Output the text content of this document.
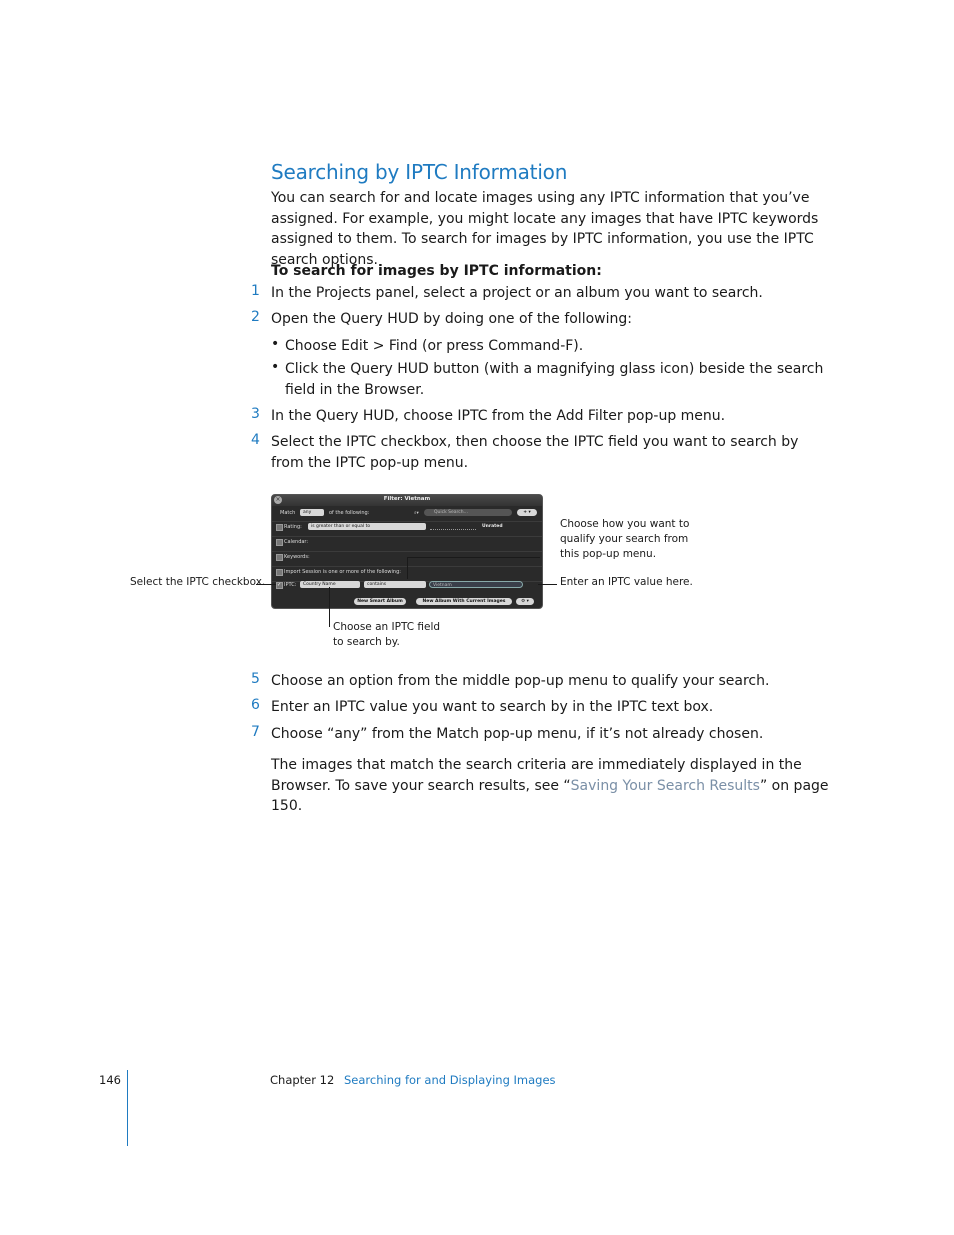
Searching by IPTC Information

You can search for and locate images using any IPTC information that you’ve assigned. For example, you might locate any images that have IPTC keywords assigned to them. To search for images by IPTC information, you use the IPTC search options.

To search for images by IPTC information:

1 In the Projects panel, select a project or an album you want to search.
2 Open the Query HUD by doing one of the following:
• Choose Edit > Find (or press Command-F).
• Click the Query HUD button (with a magnifying glass icon) beside the search field in the Browser.
3 In the Query HUD, choose IPTC from the Add Filter pop-up menu.
4 Select the IPTC checkbox, then choose the IPTC field you want to search by from the IPTC pop-up menu.
×	Filter: Vietnam
Match	any	of the following:	⌕▾	Quick Search...	+ ▾
Rating:	is greater than or equal to	Unrated
Calendar:
Keywords:
Import Session is one or more of the following:
✓ IPTC:	Country Name	contains	Vietnam
New Smart Album	New Album With Current Images	⚙ ▾
Choose how you want to qualify your search from this pop-up menu.
Select the IPTC checkbox.	Enter an IPTC value here.
Choose an IPTC field to search by.
5 Choose an option from the middle pop-up menu to qualify your search.
6 Enter an IPTC value you want to search by in the IPTC text box.
7 Choose “any” from the Match pop-up menu, if it’s not already chosen.

The images that match the search criteria are immediately displayed in the Browser. To save your search results, see “Saving Your Search Results” on page 150.

146	Chapter 12 Searching for and Displaying Images
